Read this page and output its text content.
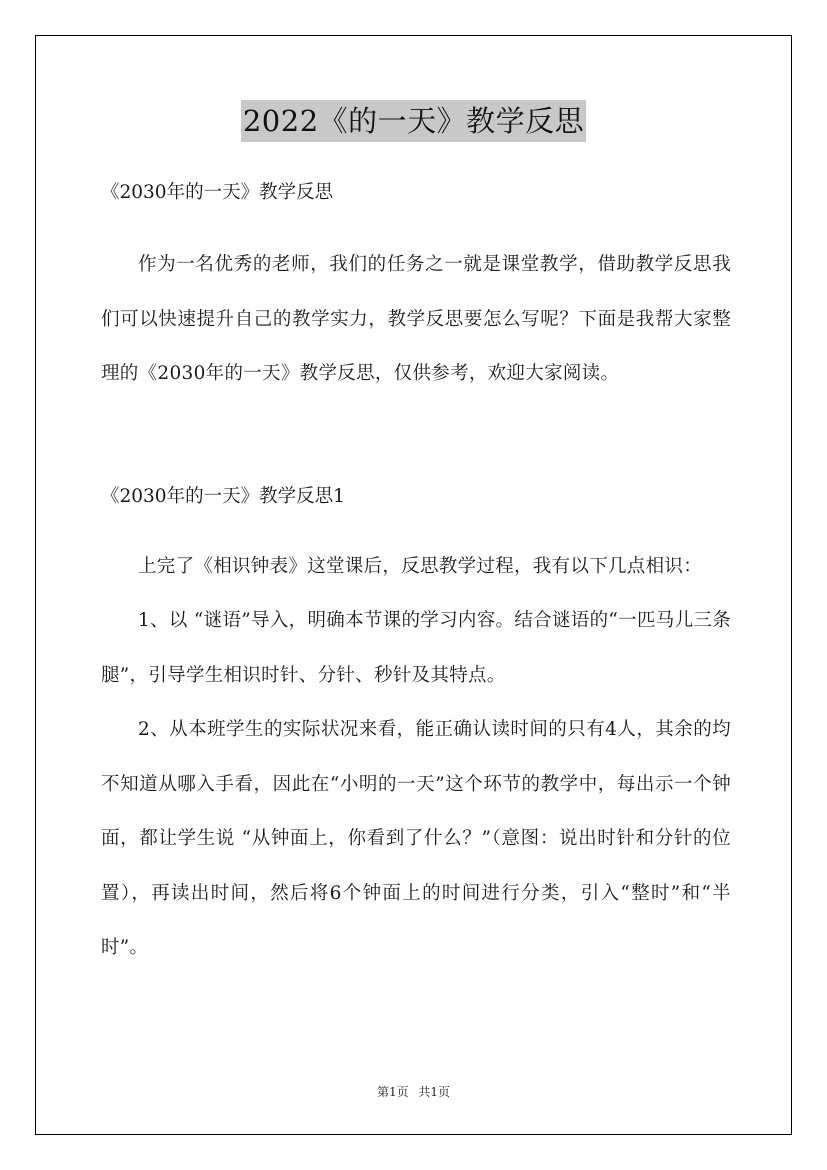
2022《的一天》教学反思

《2030年的一天》教学反思

作为一名优秀的老师，我们的任务之一就是课堂教学，借助教学反思我们可以快速提升自己的教学实力，教学反思要怎么写呢？下面是我帮大家整理的《2030年的一天》教学反思，仅供参考，欢迎大家阅读。

《2030年的一天》教学反思1

上完了《相识钟表》这堂课后，反思教学过程，我有以下几点相识：

1、以 “谜语”导入，明确本节课的学习内容。结合谜语的“一匹马儿三条腿”，引导学生相识时针、分针、秒针及其特点。

2、从本班学生的实际状况来看，能正确认读时间的只有4人，其余的均不知道从哪入手看，因此在“小明的一天”这个环节的教学中，每出示一个钟面，都让学生说 “从钟面上，你看到了什么？”（意图：说出时针和分针的位置），再读出时间，然后将6个钟面上的时间进行分类，引入“整时”和“半时”。

第1页 共1页
